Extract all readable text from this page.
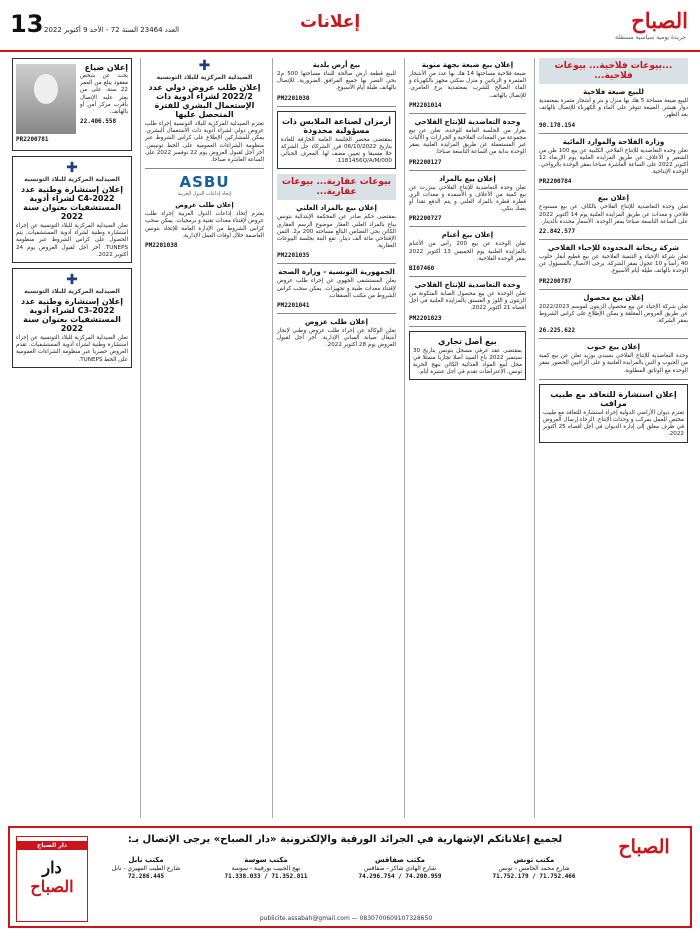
13 العدد 23464 السنة 72 - الأحد 9 أكتوبر 2022	إعلانات	الصباح
جريدة يومية سياسية مستقلة
...بيوعات فلاحية... بيوعات فلاحية...
للبيع ضيعة فلاحية
للبيع ضيعة مساحة 5 هك بها منزل و بئر و أشجار مثمرة بمعتمدية دوار هيشر. الضيعة تتوفر على الماء و الكهرباء للإتصال بالهاتف بعد الظهر.
98.178.154
وزارة الفلاحة والموارد المائية
تعلن وحدة التعاضدية للإنتاج الفلاحي الكلبية عن بيع 100 طن من الشعير و الأعلاف عن طريق المزايدة العلنية يوم الإربعاء 12 أكتوبر 2022 على الساعة العاشرة صباحا بمقر الوحدة بالرواحي. الوحدة الإنتاجية.
PR2200784
إعلان بيع
تعلن وحدة التعاضدية للإنتاج الفلاحي بالكاف عن بيع مستودع فلاحي و معدات عن طريق المزايدة العلنية يوم 14 أكتوبر 2022 على الساعة التاسعة صباحا بمقر الوحدة. الأسعار محددة بالدينار.
22.842.577
شركة ريحانة المحدودة للإحياء الفلاحي
تعلن شركة الإحياء و التنمية الفلاحية عن بيع قطيع أبقار حلوب 40 رأسا و 10 عجول بمقر الشركة. يرجى الاتصال بالمسؤول عن الوحدة بالهاتف طيلة أيام الأسبوع.
PR2200787
إعلان بيع محصول
تعلن شركة الإحياء عن بيع محصول الزيتون لموسم 2022/2023 عن طريق العروض المغلقة و يمكن الإطلاع على كراس الشروط بمقر الشركة.
26.225.622
إعلان بيع حبوب
وحدة التعاضدية للإنتاج الفلاحي بسيدي بوزيد تعلن عن بيع كمية من الحبوب و التبن بالمزايدة العلنية و على الراغبين الحضور بمقر الوحدة مع الوثائق المطلوبة.
إعلان استشارة للتعاقد مع طبيب مراقب
تعتزم ديوان الأراضي الدولية إجراء استشارة للتعاقد مع طبيب مختص للعمل بمركب و وحدات الإنتاج. الرجاء إرسال العروض في ظرف مغلق إلى إدارة الديوان في أجل أقصاه 25 أكتوبر 2022.
إعلان بيع ضيعة بجهة منوبة
ضيعة فلاحية مساحتها 14 هك بها عدد من الأشجار المثمرة و الزياتين و منزل سكني مجهز بالكهرباء و الماء الصالح للشرب بمعتمدية برج العامري. للإتصال بالهاتف.
PM2201014
وحدة التعاضدية للإنتاج الفلاحي
بقرار من الجلسة العامة للوحدة، تعلن عن بيع مجموعة من المعدات الفلاحية و الجرارات و الآليات غير المستعملة عن طريق المزايدة العلنية بمقر الوحدة بداية من الساعة التاسعة صباحا.
PR2200127
إعلان بيع بالمزاد
تعلن وحدة التعاضدية للإنتاج الفلاحي ببنزرت عن بيع كمية من الأعلاف و الأسمدة و معدات الري قطرة قطرة بالمزاد العلني و يتم الدفع نقدا أو بصك بنكي.
PR2200727
إعلان بيع أغنام
تعلن الوحدة عن بيع 200 رأس من الأغنام بالمزايدة العلنية يوم الخميس 13 أكتوبر 2022 بمقر الوحدة الفلاحية.
BI07460
وحدة التعاضدية للإنتاج الفلاحي
تعلن الوحدة عن بيع محصول الصابة المتكونة من الزيتون و اللوز و الفستق بالمزايدة العلنية في أجل أقصاه 21 أكتوبر 2022.
PM2201023
بيع أصل تجاري
بمقتضى عقد عرفي مسجل بتونس بتاريخ 30 سبتمبر 2022 باع السيد أصلا تجاريا متمثلا في محل لبيع المواد الغذائية الكائن بنهج الحرية تونس. الإعتراضات تقدم في أجل عشرة أيام.
بيع أرض بلدية
للبيع قطعة أرض صالحة للبناء مساحتها 500 م2 بحي النصر بها جميع المرافق الضرورية. للإتصال بالهاتف طيلة أيام الأسبوع.
PM2201030
أرمزان لصناعة الملابس ذات مسؤولية محدودة
بمقتضى محضر الجلسة العامة الخارقة للعادة بتاريخ 06/10/2022 قرر الشركاء حل الشركة حلا مسبقا و تعيين مصف لها. المعرف الجبائي 1181456Q/A/M/000.
بيوعات عقارية... بيوعات عقارية...
إعلان بيع بالمزاد العلني
بمقتضى حكم صادر عن المحكمة الإبتدائية بتونس يباع بالمزاد العلني العقار موضوع الرسم العقاري الكائن بحي التضامن البالغ مساحته 200 م2. الثمن الإفتتاحي مائة ألف دينار. تقع البتة بجلسة البيوعات العقارية.
PM2201035
الجمهورية التونسية - وزارة الصحة
يعلن المستشفى الجهوي عن إجراء طلب عروض لإقتناء معدات طبية و تجهيزات. يمكن سحب كراس الشروط من مكتب الصفقات.
PM2201041
إعلان طلب عروض
تعلن الوكالة عن إجراء طلب عروض وطني لإنجاز أشغال صيانة المباني الإدارية. آخر أجل لقبول العروض يوم 28 أكتوبر 2022.
✚
الصيدلية المركزية للبلاد التونسية
إعلان طلب عروض دولي عدد 2022/2 لشراء أدوية ذات الإستعمال البشري للفترة المتحصل عليها
تعتزم الصيدلية المركزية للبلاد التونسية إجراء طلب عروض دولي لشراء أدوية ذات الاستعمال البشري. يمكن للمشاركين الإطلاع على كراس الشروط عبر منظومة الشراءات العمومية على الخط تونيبس. آخر أجل لقبول العروض يوم 22 نوفمبر 2022 على الساعة العاشرة صباحا.
ASBU
إتحاد إذاعات الدول العربية
إعلان طلب عروض
يعتزم إتحاد إذاعات الدول العربية إجراء طلب عروض لإقتناء معدات تقنية و برمجيات. يمكن سحب كراس الشروط من الإدارة العامة للإتحاد بتونس العاصمة خلال أوقات العمل الإدارية.
PM2201038
إعلان ضياع
بحث عن شخص مفقود يبلغ من العمر 22 سنة. على من يعثر عليه الإتصال بأقرب مركز أمن أو بالهاتف.
22.406.558
PR2200781
✚
الصيدلية المركزية للبلاد التونسية
إعلان إستشارة وطنية عدد C4-2022 لشراء أدوية المستشفيات بعنوان سنة 2022
تعلن الصيدلية المركزية للبلاد التونسية عن إجراء استشارة وطنية لشراء أدوية المستشفيات. يتم الحصول على كراس الشروط عبر منظومة TUNEPS. آخر أجل لقبول العروض يوم 24 أكتوبر 2022.
✚
الصيدلية المركزية للبلاد التونسية
إعلان إستشارة وطنية عدد C3-2022 لشراء أدوية المستشفيات بعنوان سنة 2022
تعلن الصيدلية المركزية للبلاد التونسية عن إجراء استشارة وطنية لشراء أدوية المستشفيات. تقدم العروض حصريا عبر منظومة الشراءات العمومية على الخط TUNEPS.
لجميع إعلاناتكم الإشهارية في الجرائد الورقية والإلكترونية «دار الصباح» يرجى الإتصال بـ:	الصباح
دار الصباح
دار
الصباح
مكتب تونس
شارع محمد الخامس - تونس
71.752.179 / 71.752.466
مكتب صفاقس
شارع الهادي شاكر - صفاقس
74.296.754 / 74.200.959
مكتب سوسة
نهج الحبيب بورقيبة - سوسة
71.338.033 / 71.352.811
مكتب نابل
شارع الطيب المهيري - نابل
72.286.445
publicite.assabah@gmail.com — 0830700609107328650
